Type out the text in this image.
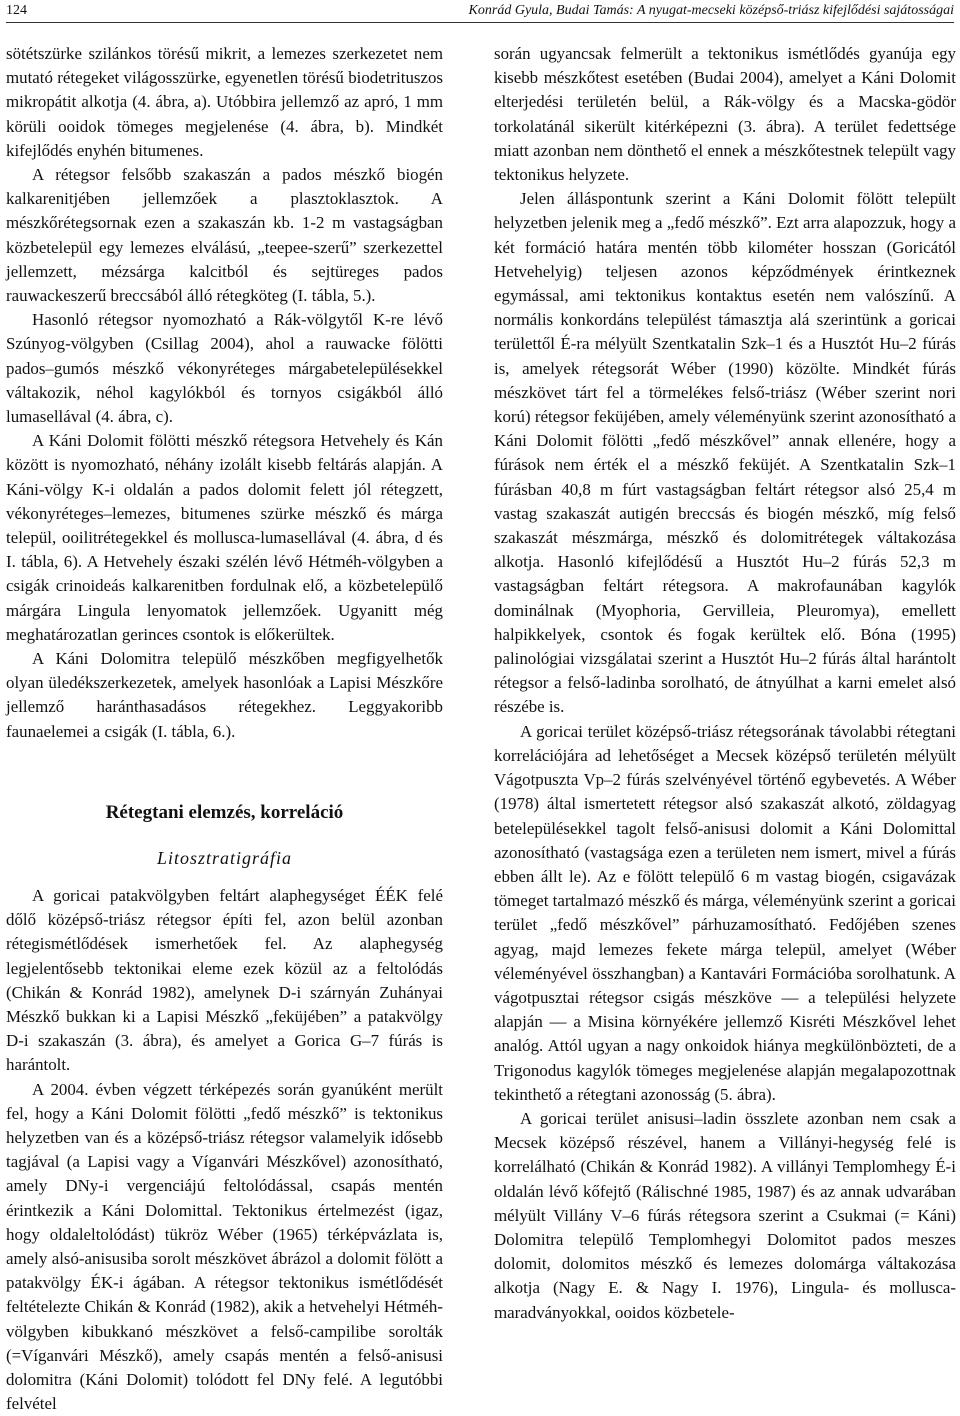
124	Konrád Gyula, Budai Tamás: A nyugat-mecseki középső-triász kifejlődési sajátosságai

sötétszürke szilánkos törésű mikrit, a lemezes szerkezetet nem mutató rétegeket világosszürke, egyenetlen törésű biodetrituszos mikropátit alkotja (4. ábra, a). Utóbbira jellemző az apró, 1 mm körüli ooidok tömeges megjelenése (4. ábra, b). Mindkét kifejlődés enyhén bitumenes.

A rétegsor felsőbb szakaszán a pados mészkő biogén kalkarenitjében jellemzőek a plasztoklasztok. A mészkőrétegsornak ezen a szakaszán kb. 1-2 m vastagságban közbetelepül egy lemezes elválású, „teepee-szerű” szerkezettel jellemzett, mézsárga kalcitból és sejtüreges pados rauwackeszerű breccsából álló rétegköteg (I. tábla, 5.).

Hasonló rétegsor nyomozható a Rák-völgytől K-re lévő Szúnyog-völgyben (Csillag 2004), ahol a rauwacke fölötti pados–gumós mészkő vékonyréteges márgabetelepülésekkel váltakozik, néhol kagylókból és tornyos csigákból álló lumasellával (4. ábra, c).

A Káni Dolomit fölötti mészkő rétegsora Hetvehely és Kán között is nyomozható, néhány izolált kisebb feltárás alapján. A Káni-völgy K-i oldalán a pados dolomit felett jól rétegzett, vékonyréteges–lemezes, bitumenes szürke mészkő és márga települ, ooilitrétegekkel és mollusca-lumasellával (4. ábra, d és I. tábla, 6). A Hetvehely északi szélén lévő Hétméh-völgyben a csigák crinoideás kalkarenitben fordulnak elő, a közbetelepülő márgára Lingula lenyomatok jellemzőek. Ugyanitt még meghatározatlan gerinces csontok is előkerültek.

A Káni Dolomitra települő mészkőben megfigyelhetők olyan üledékszerkezetek, amelyek hasonlóak a Lapisi Mészkőre jellemző haránthasadásos rétegekhez. Leggyakoribb faunaelemei a csigák (I. tábla, 6.).

Rétegtani elemzés, korreláció
Litosztratigráfia

A goricai patakvölgyben feltárt alaphegységet ÉÉK felé dőlő középső-triász rétegsor építi fel, azon belül azonban rétegismétlődések ismerhetőek fel. Az alaphegység legjelentősebb tektonikai eleme ezek közül az a feltolódás (Chikán & Konrád 1982), amelynek D-i szárnyán Zuhányai Mészkő bukkan ki a Lapisi Mészkő „feküjében” a patakvölgy D-i szakaszán (3. ábra), és amelyet a Gorica G–7 fúrás is harántolt.

A 2004. évben végzett térképezés során gyanúként merült fel, hogy a Káni Dolomit fölötti „fedő mészkő” is tektonikus helyzetben van és a középső-triász rétegsor valamelyik idősebb tagjával (a Lapisi vagy a Víganvári Mészkővel) azonosítható, amely DNy-i vergenciájú feltolódással, csapás mentén érintkezik a Káni Dolomittal. Tektonikus értelmezést (igaz, hogy oldaleltolódást) tükröz Wéber (1965) térképvázlata is, amely alsó-anisusiba sorolt mészkövet ábrázol a dolomit fölött a patakvölgy ÉK-i ágában. A rétegsor tektonikus ismétlődését feltételezte Chikán & Konrád (1982), akik a hetvehelyi Hétméh-völgyben kibukkanó mészkövet a felső-campilibe sorolták (=Víganvári Mészkő), amely csapás mentén a felső-anisusi dolomitra (Káni Dolomit) tolódott fel DNy felé. A legutóbbi felvétel

során ugyancsak felmerült a tektonikus ismétlődés gyanúja egy kisebb mészkőtest esetében (Budai 2004), amelyet a Káni Dolomit elterjedési területén belül, a Rák-völgy és a Macska-gödör torkolatánál sikerült kitérképezni (3. ábra). A terület fedettsége miatt azonban nem dönthető el ennek a mészkőtestnek települt vagy tektonikus helyzete.

Jelen álláspontunk szerint a Káni Dolomit fölött települt helyzetben jelenik meg a „fedő mészkő”. Ezt arra alapozzuk, hogy a két formáció határa mentén több kilométer hosszan (Goricától Hetvehelyig) teljesen azonos képződmények érintkeznek egymással, ami tektonikus kontaktus esetén nem valószínű. A normális konkordáns települést támasztja alá szerintünk a goricai területtől É-ra mélyült Szentkatalin Szk–1 és a Husztót Hu–2 fúrás is, amelyek rétegsorát Wéber (1990) közölte. Mindkét fúrás mészkövet tárt fel a törmelékes felső-triász (Wéber szerint nori korú) rétegsor feküjében, amely véleményünk szerint azonosítható a Káni Dolomit fölötti „fedő mészkővel” annak ellenére, hogy a fúrások nem érték el a mészkő feküjét. A Szentkatalin Szk–1 fúrásban 40,8 m fúrt vastagságban feltárt rétegsor alsó 25,4 m vastag szakaszát autigén breccsás és biogén mészkő, míg felső szakaszát mészmárga, mészkő és dolomitrétegek váltakozása alkotja. Hasonló kifejlődésű a Husztót Hu–2 fúrás 52,3 m vastagságban feltárt rétegsora. A makrofaunában kagylók dominálnak (Myophoria, Gervilleia, Pleuromya), emellett halpikkelyek, csontok és fogak kerültek elő. Bóna (1995) palinológiai vizsgálatai szerint a Husztót Hu–2 fúrás által harántolt rétegsor a felső-ladinba sorolható, de átnyúlhat a karni emelet alsó részébe is.

A goricai terület középső-triász rétegsorának távolabbi rétegtani korrelációjára ad lehetőséget a Mecsek középső területén mélyült Vágotpuszta Vp–2 fúrás szelvényével történő egybevetés. A Wéber (1978) által ismertetett rétegsor alsó szakaszát alkotó, zöldagyag betelepülésekkel tagolt felső-anisusi dolomit a Káni Dolomittal azonosítható (vastagsága ezen a területen nem ismert, mivel a fúrás ebben állt le). Az e fölött települő 6 m vastag biogén, csigavázak tömeget tartalmazó mészkő és márga, véleményünk szerint a goricai terület „fedő mészkővel” párhuzamosítható. Fedőjében szenes agyag, majd lemezes fekete márga települ, amelyet (Wéber véleményével összhangban) a Kantavári Formációba sorolhatunk. A vágotpusztai rétegsor csigás mészköve — a települési helyzete alapján — a Misina környékére jellemző Kisréti Mészkővel lehet analóg. Attól ugyan a nagy onkoidok hiánya megkülönbözteti, de a Trigonodus kagylók tömeges megjelenése alapján megalapozottnak tekinthető a rétegtani azonosság (5. ábra).

A goricai terület anisusi–ladin összlete azonban nem csak a Mecsek középső részével, hanem a Villányi-hegység felé is korrelálható (Chikán & Konrád 1982). A villányi Templomhegy É-i oldalán lévő kőfejtő (Rálischné 1985, 1987) és az annak udvarában mélyült Villány V–6 fúrás rétegsora szerint a Csukmai (= Káni) Dolomitra települő Templomhegyi Dolomitot pados meszes dolomit, dolomitos mészkő és lemezes dolomárga váltakozása alkotja (Nagy E. & Nagy I. 1976), Lingula- és mollusca-maradványokkal, ooidos közbetele-
